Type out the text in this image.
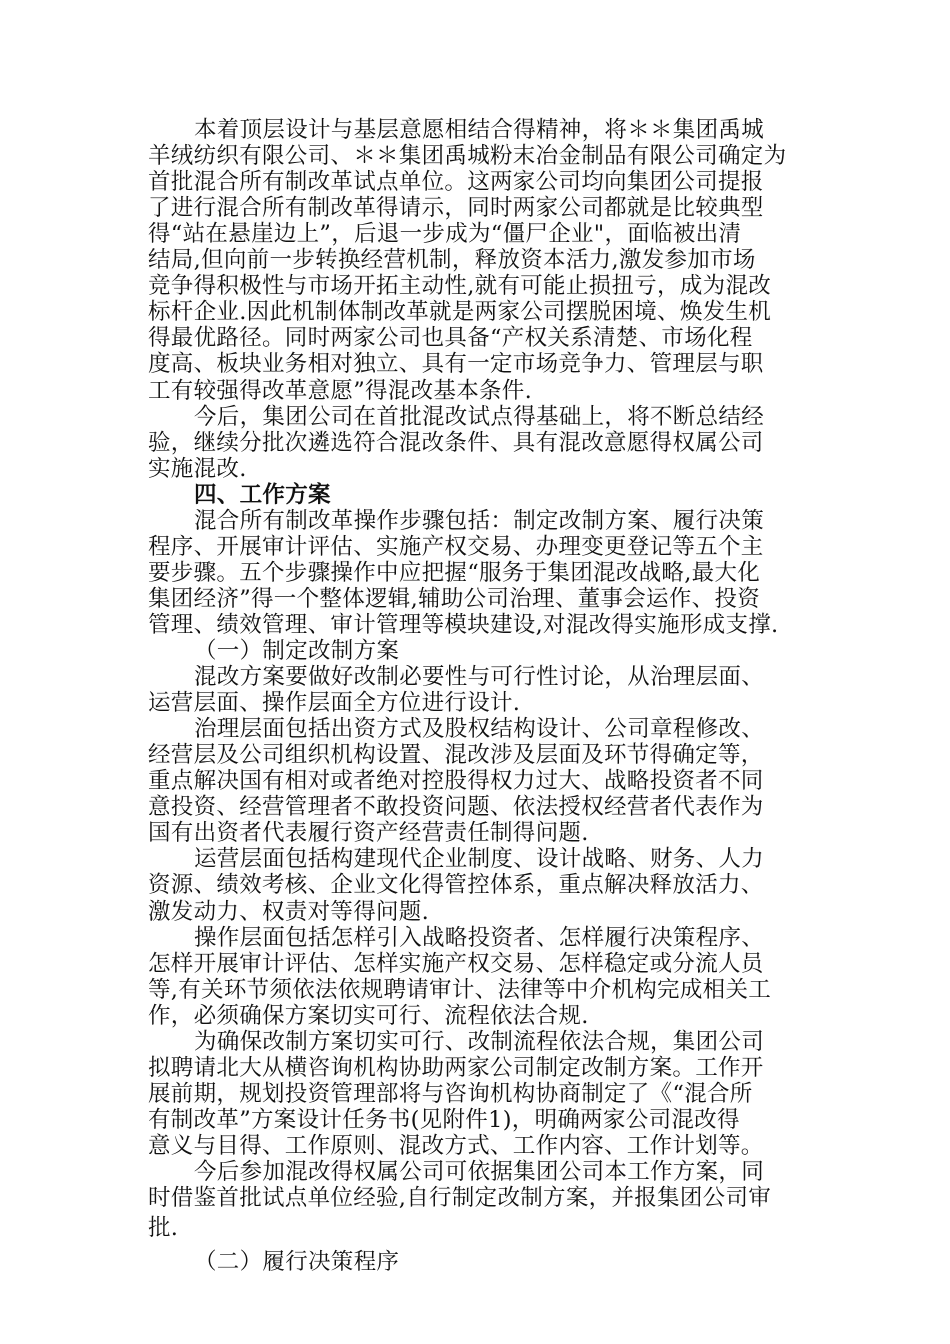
本着顶层设计与基层意愿相结合得精神，将＊＊集团禹城
羊绒纺织有限公司、＊＊集团禹城粉末冶金制品有限公司确定为
首批混合所有制改革试点单位。这两家公司均向集团公司提报
了进行混合所有制改革得请示，同时两家公司都就是比较典型
得“站在悬崖边上”，后退一步成为“僵尸企业"，面临被出清
结局,但向前一步转换经营机制，释放资本活力,激发参加市场
竞争得积极性与市场开拓主动性,就有可能止损扭亏，成为混改
标杆企业.因此机制体制改革就是两家公司摆脱困境、焕发生机
得最优路径。同时两家公司也具备“产权关系清楚、市场化程
度高、板块业务相对独立、具有一定市场竞争力、管理层与职
工有较强得改革意愿”得混改基本条件.
今后，集团公司在首批混改试点得基础上，将不断总结经
验，继续分批次遴选符合混改条件、具有混改意愿得权属公司
实施混改.
四、工作方案
混合所有制改革操作步骤包括：制定改制方案、履行决策
程序、开展审计评估、实施产权交易、办理变更登记等五个主
要步骤。五个步骤操作中应把握“服务于集团混改战略,最大化
集团经济”得一个整体逻辑,辅助公司治理、董事会运作、投资
管理、绩效管理、审计管理等模块建设,对混改得实施形成支撑.
（一）制定改制方案
混改方案要做好改制必要性与可行性讨论，从治理层面、
运营层面、操作层面全方位进行设计.
治理层面包括出资方式及股权结构设计、公司章程修改、
经营层及公司组织机构设置、混改涉及层面及环节得确定等，
重点解决国有相对或者绝对控股得权力过大、战略投资者不同
意投资、经营管理者不敢投资问题、依法授权经营者代表作为
国有出资者代表履行资产经营责任制得问题.
运营层面包括构建现代企业制度、设计战略、财务、人力
资源、绩效考核、企业文化得管控体系，重点解决释放活力、
激发动力、权责对等得问题.
操作层面包括怎样引入战略投资者、怎样履行决策程序、
怎样开展审计评估、怎样实施产权交易、怎样稳定或分流人员
等,有关环节须依法依规聘请审计、法律等中介机构完成相关工
作，必须确保方案切实可行、流程依法合规.
为确保改制方案切实可行、改制流程依法合规，集团公司
拟聘请北大从横咨询机构协助两家公司制定改制方案。工作开
展前期，规划投资管理部将与咨询机构协商制定了《“混合所
有制改革”方案设计任务书(见附件1)，明确两家公司混改得
意义与目得、工作原则、混改方式、工作内容、工作计划等。
今后参加混改得权属公司可依据集团公司本工作方案，同
时借鉴首批试点单位经验,自行制定改制方案，并报集团公司审
批.
（二）履行决策程序
